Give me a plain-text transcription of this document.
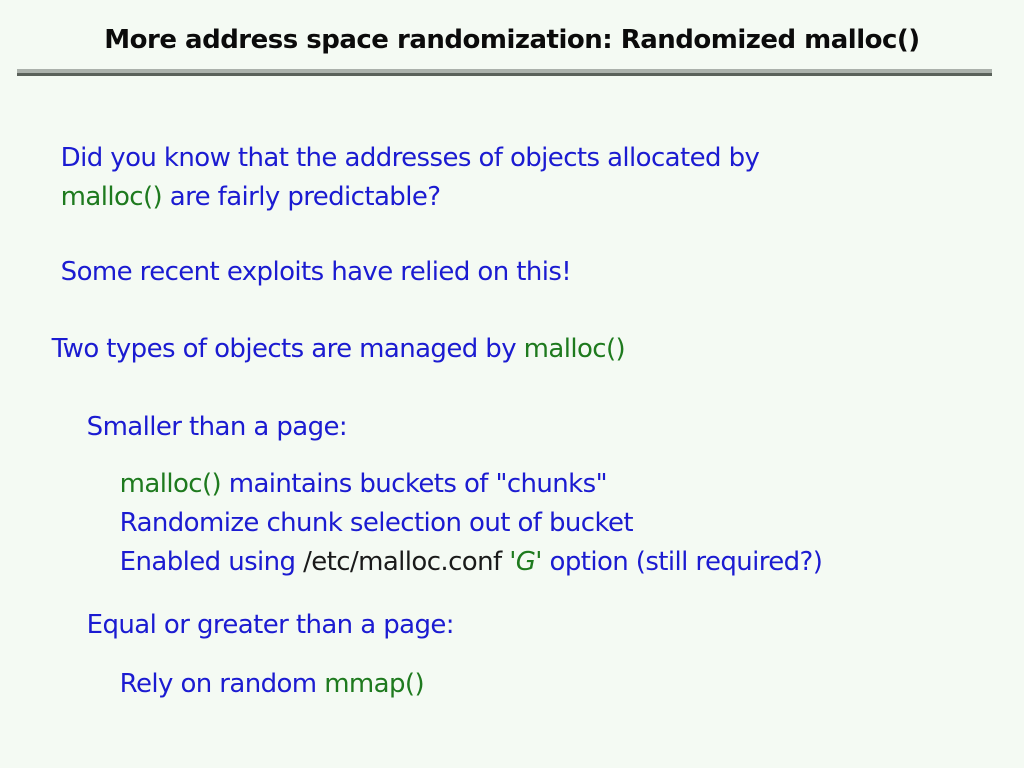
More address space randomization: Randomized malloc()

Did you know that the addresses of objects allocated by

malloc() are fairly predictable?

Some recent exploits have relied on this!

Two types of objects are managed by malloc()

Smaller than a page:

malloc() maintains buckets of "chunks"

Randomize chunk selection out of bucket

Enabled using /etc/malloc.conf 'G' option (still required?)

Equal or greater than a page:

Rely on random mmap()
